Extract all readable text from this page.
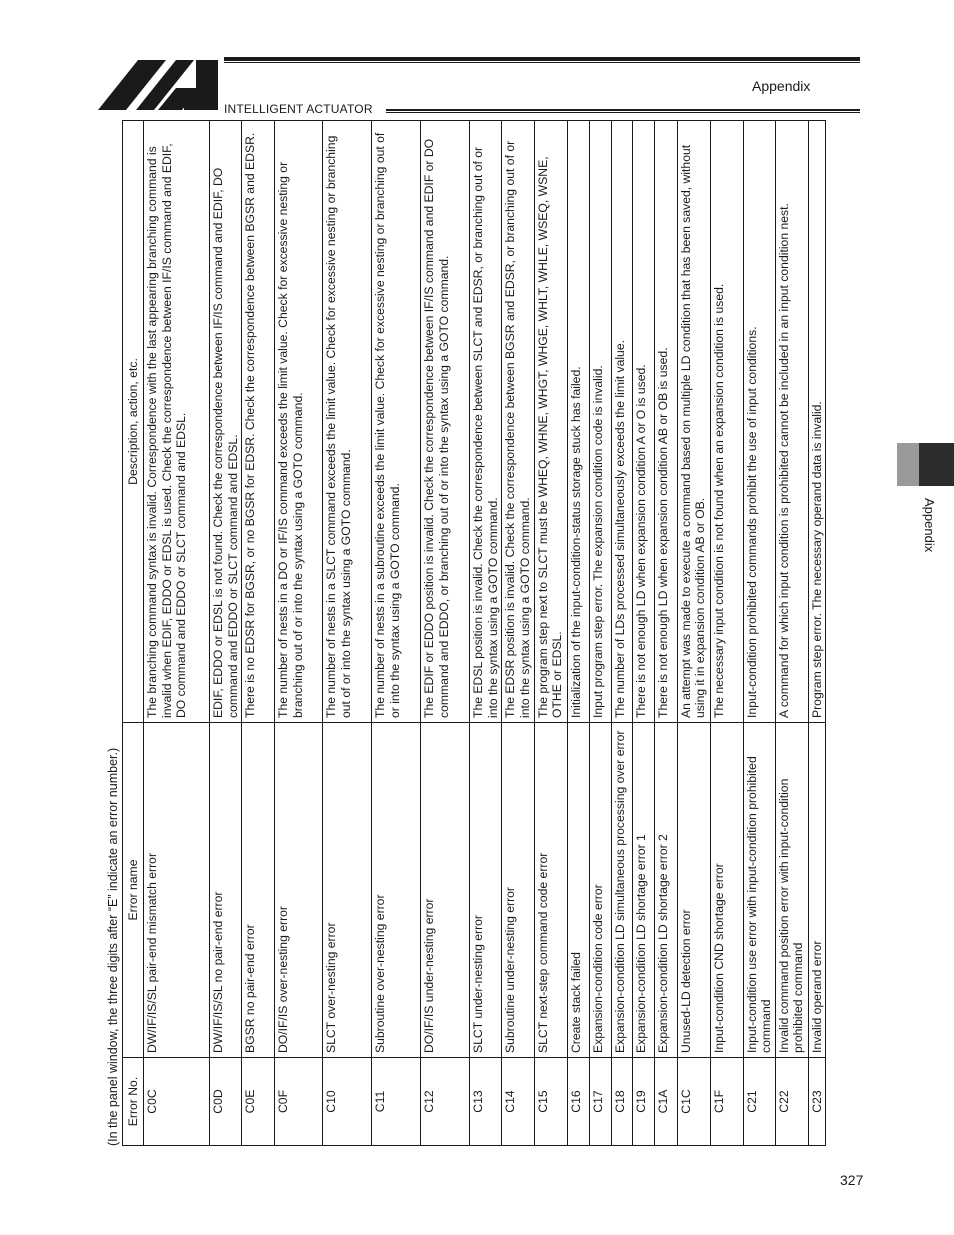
INTELLIGENT ACTUATOR
Appendix
Appendix
327
(In the panel window, the three digits after “E” indicate an error number.) Error No.	Error name	Description, action, etc.
C0C	DW/IF/IS/SL pair-end mismatch error	The branching command syntax is invalid. Correspondence with the last appearing branching command is invalid when EDIF, EDDO or EDSL is used. Check the correspondence between IF/IS command and EDIF, DO command and EDDO or SLCT command and EDSL.
C0D	DW/IF/IS/SL no pair-end error	EDIF, EDDO or EDSL is not found. Check the correspondence between IF/IS command and EDIF, DO command and EDDO or SLCT command and EDSL.
C0E	BGSR no pair-end error	There is no EDSR for BGSR, or no BGSR for EDSR. Check the correspondence between BGSR and EDSR.
C0F	DO/IF/IS over-nesting error	The number of nests in a DO or IF/IS command exceeds the limit value. Check for excessive nesting or branching out of or into the syntax using a GOTO command.
C10	SLCT over-nesting error	The number of nests in a SLCT command exceeds the limit value. Check for excessive nesting or branching out of or into the syntax using a GOTO command.
C11	Subroutine over-nesting error	The number of nests in a subroutine exceeds the limit value. Check for excessive nesting or branching out of or into the syntax using a GOTO command.
C12	DO/IF/IS under-nesting error	The EDIF or EDDO position is invalid. Check the correspondence between IF/IS command and EDIF or DO command and EDDO, or branching out of or into the syntax using a GOTO command.
C13	SLCT under-nesting error	The EDSL position is invalid. Check the correspondence between SLCT and EDSR, or branching out of or into the syntax using a GOTO command.
C14	Subroutine under-nesting error	The EDSR position is invalid. Check the correspondence between BGSR and EDSR, or branching out of or into the syntax using a GOTO command.
C15	SLCT next-step command code error	The program step next to SLCT must be WHEQ, WHNE, WHGT, WHGE, WHLT, WHLE, WSEQ, WSNE, OTHE or EDSL.
C16	Create stack failed	Initialization of the input-condition-status storage stuck has failed.
C17	Expansion-condition code error	Input program step error. The expansion condition code is invalid.
C18	Expansion-condition LD simultaneous processing over error	The number of LDs processed simultaneously exceeds the limit value.
C19	Expansion-condition LD shortage error 1	There is not enough LD when expansion condition A or O is used.
C1A	Expansion-condition LD shortage error 2	There is not enough LD when expansion condition AB or OB is used.
C1C	Unused-LD detection error	An attempt was made to execute a command based on multiple LD condition that has been saved, without using it in expansion condition AB or OB.
C1F	Input-condition CND shortage error	The necessary input condition is not found when an expansion condition is used.
C21	Input-condition use error with input-condition prohibited command	Input-condition prohibited commands prohibit the use of input conditions.
C22	Invalid command position error with input-condition prohibited command	A command for which input condition is prohibited cannot be included in an input condition nest.
C23	Invalid operand error	Program step error. The necessary operand data is invalid.
